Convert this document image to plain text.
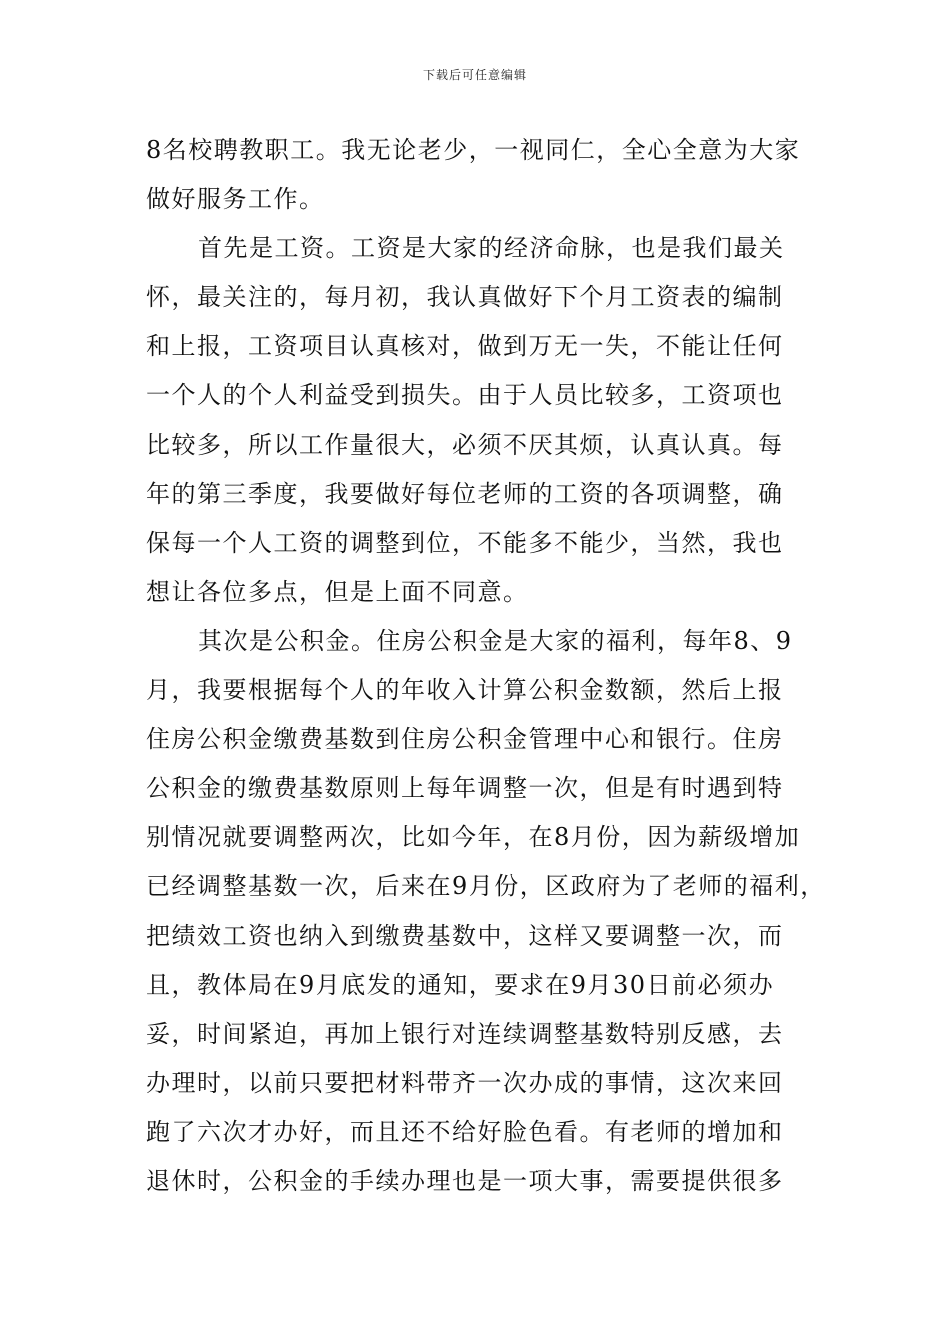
下载后可任意编辑
8名校聘教职工。我无论老少，一视同仁，全心全意为大家
做好服务工作。
首先是工资。工资是大家的经济命脉，也是我们最关
怀，最关注的，每月初，我认真做好下个月工资表的编制
和上报，工资项目认真核对，做到万无一失，不能让任何
一个人的个人利益受到损失。由于人员比较多，工资项也
比较多，所以工作量很大，必须不厌其烦，认真认真。每
年的第三季度，我要做好每位老师的工资的各项调整，确
保每一个人工资的调整到位，不能多不能少，当然，我也
想让各位多点，但是上面不同意。
其次是公积金。住房公积金是大家的福利，每年8、9
月，我要根据每个人的年收入计算公积金数额，然后上报
住房公积金缴费基数到住房公积金管理中心和银行。住房
公积金的缴费基数原则上每年调整一次，但是有时遇到特
别情况就要调整两次，比如今年，在8月份，因为薪级增加
已经调整基数一次，后来在9月份，区政府为了老师的福利，
把绩效工资也纳入到缴费基数中，这样又要调整一次，而
且，教体局在9月底发的通知，要求在9月30日前必须办
妥，时间紧迫，再加上银行对连续调整基数特别反感，去
办理时，以前只要把材料带齐一次办成的事情，这次来回
跑了六次才办好，而且还不给好脸色看。有老师的增加和
退休时，公积金的手续办理也是一项大事，需要提供很多
